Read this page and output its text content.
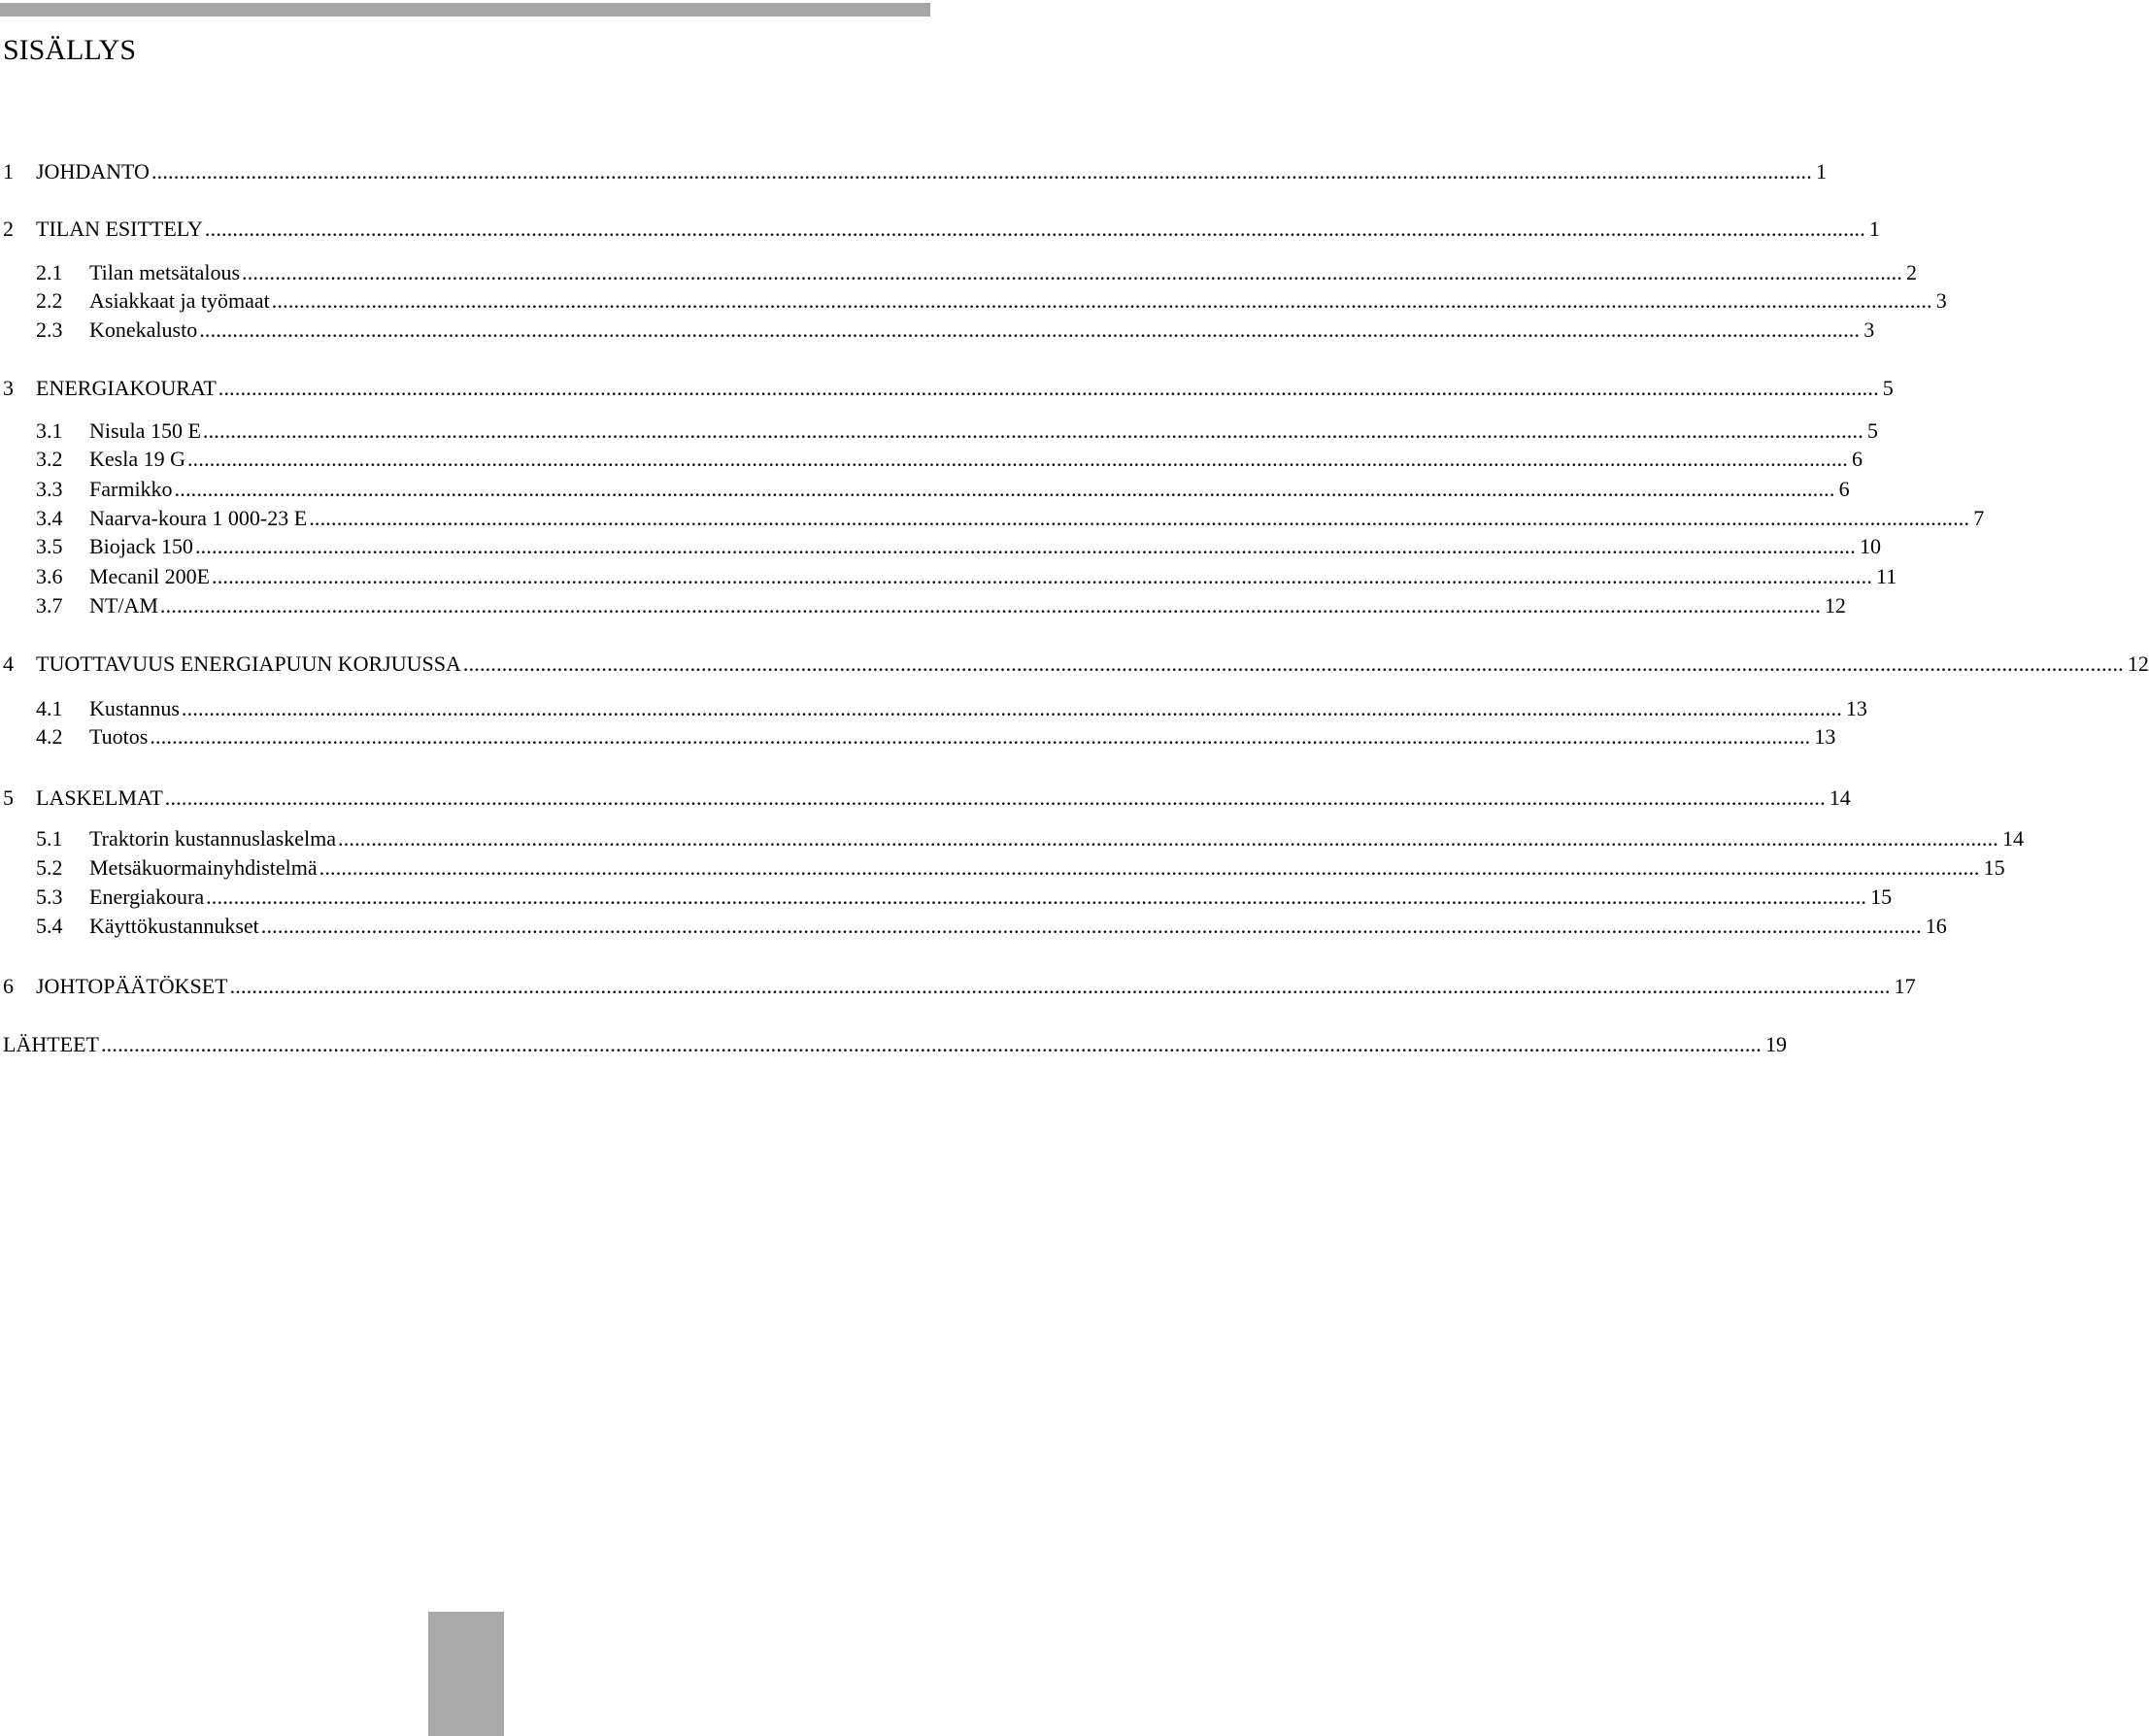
SISÄLLYS
1	JOHDANTO ............................................................................................................................................................................................................................................................................................................ 1
2	TILAN ESITTELY ............................................................................................................................................................................................................................................................................................................ 1
2.1	Tilan metsätalous ............................................................................................................................................................................................................................................................................................................ 2
2.2	Asiakkaat ja työmaat ............................................................................................................................................................................................................................................................................................................ 3
2.3	Konekalusto ............................................................................................................................................................................................................................................................................................................ 3
3	ENERGIAKOURAT ............................................................................................................................................................................................................................................................................................................ 5
3.1	Nisula 150 E ............................................................................................................................................................................................................................................................................................................ 5
3.2	Kesla 19 G ............................................................................................................................................................................................................................................................................................................ 6
3.3	Farmikko ............................................................................................................................................................................................................................................................................................................ 6
3.4	Naarva-koura 1 000-23 E ............................................................................................................................................................................................................................................................................................................ 7
3.5	Biojack 150 ............................................................................................................................................................................................................................................................................................................ 10
3.6	Mecanil 200E ............................................................................................................................................................................................................................................................................................................ 11
3.7	NT/AM ............................................................................................................................................................................................................................................................................................................ 12
4	TUOTTAVUUS ENERGIAPUUN KORJUUSSA ............................................................................................................................................................................................................................................................................................................ 12
4.1	Kustannus ............................................................................................................................................................................................................................................................................................................ 13
4.2	Tuotos ............................................................................................................................................................................................................................................................................................................ 13
5	LASKELMAT ............................................................................................................................................................................................................................................................................................................ 14
5.1	Traktorin kustannuslaskelma ............................................................................................................................................................................................................................................................................................................ 14
5.2	Metsäkuormainyhdistelmä ............................................................................................................................................................................................................................................................................................................ 15
5.3	Energiakoura ............................................................................................................................................................................................................................................................................................................ 15
5.4	Käyttökustannukset ............................................................................................................................................................................................................................................................................................................ 16
6	JOHTOPÄÄTÖKSET ............................................................................................................................................................................................................................................................................................................ 17
LÄHTEET ............................................................................................................................................................................................................................................................................................................ 19
